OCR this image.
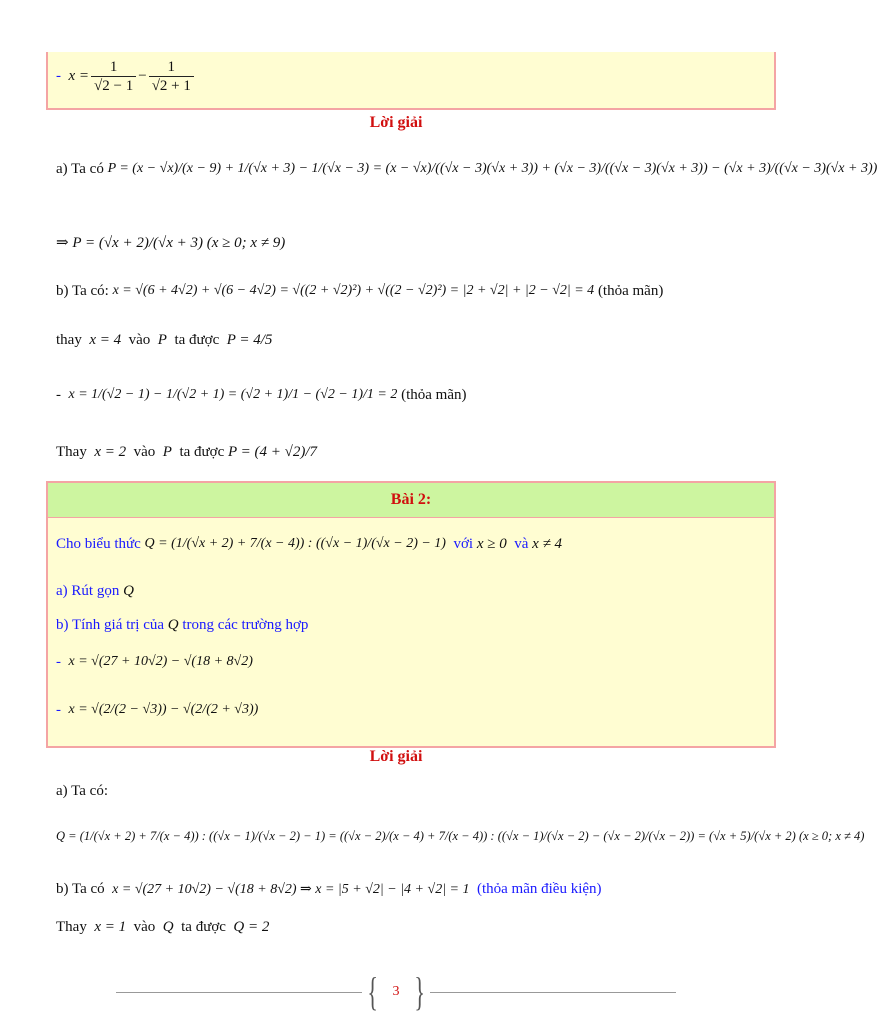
-
$x = \frac{1}{√2 - 1} - \frac{1}{√2 + 1}$
Lời giải
a) Ta có
P = (x − √x)/(x − 9) + 1/(√x + 3) − 1/(√x − 3) = (x − √x)/((√x − 3)(√x + 3)) + (√x − 3)/((√x − 3)(√x + 3)) − (√x + 3)/((√x − 3)(√x + 3))
⇒ P = (√x + 2)/(√x + 3) (x ≥ 0; x ≠ 9)
b) Ta có:
x = √(6 + 4√2) + √(6 − 4√2) = √((2 + √2)²) + √((2 − √2)²) = |2 + √2| + |2 − √2| = 4
(thỏa mãn)
thay
x = 4
vào
P
ta được
P = 4/5
-
x = 1/(√2 − 1) − 1/(√2 + 1) = (√2 + 1)/1 − (√2 − 1)/1 = 2
(thỏa mãn)
Thay
x = 2
vào
P
ta được
P = (4 + √2)/7
Bài 2:
Cho biểu thức
Q = (1/(√x + 2) + 7/(x − 4)) : ((√x − 1)/(√x − 2) − 1)
với
x ≥ 0
và
x ≠ 4
a) Rút gọn
Q
b) Tính giá trị của
Q
trong các trường hợp
-
x = √(27 + 10√2) − √(18 + 8√2)
-
x = √(2/(2 − √3)) − √(2/(2 + √3))
Lời giải
a) Ta có:
Q = (1/(√x + 2) + 7/(x − 4)) : ((√x − 1)/(√x − 2) − 1) = ((√x − 2)/(x − 4) + 7/(x − 4)) : ((√x − 1)/(√x − 2) − (√x − 2)/(√x − 2)) = (√x + 5)/(√x + 2) (x ≥ 0; x ≠ 4)
b) Ta có
x = √(27 + 10√2) − √(18 + 8√2) ⇒ x = |5 + √2| − |4 + √2| = 1
(thỏa mãn điều kiện)
Thay
x = 1
vào
Q
ta được
Q = 2
{ 3 }
